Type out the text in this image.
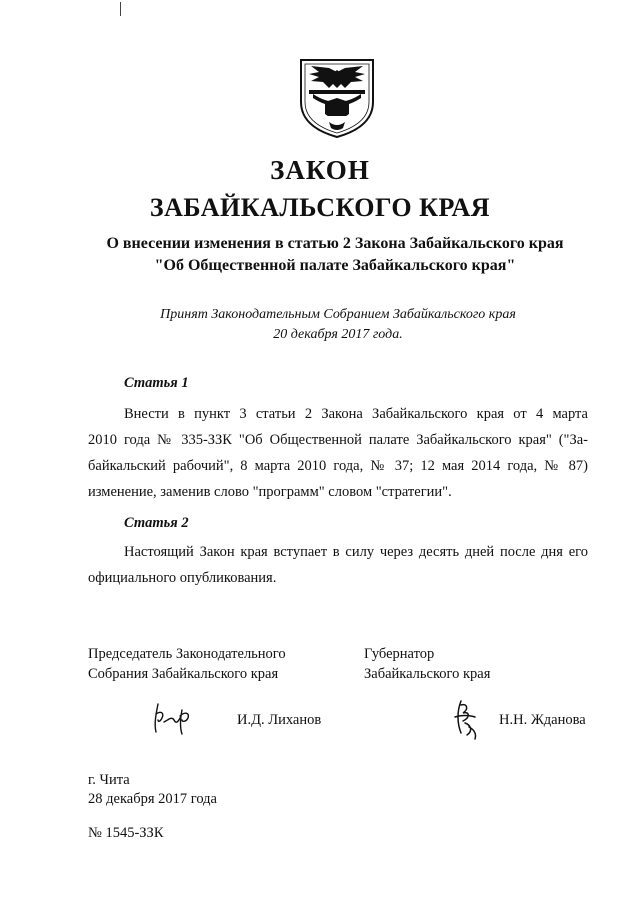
ЗАКОН
ЗАБАЙКАЛЬСКОГО КРАЯ
О внесении изменения в статью 2 Закона Забайкальского края
"Об Общественной палате Забайкальского края"
Принят Законодательным Собранием Забайкальского края
20 декабря 2017 года.
Статья 1
Внести в пункт 3 статьи 2 Закона Забайкальского края от 4 марта
2010 года № 335-ЗЗК "Об Общественной палате Забайкальского края" ("За-
байкальский рабочий", 8 марта 2010 года, № 37; 12 мая 2014 года, № 87)
изменение, заменив слово "программ" словом "стратегии".
Статья 2
Настоящий Закон края вступает в силу через десять дней после дня его
официального опубликования.
Председатель Законодательного
Собрания Забайкальского края
Губернатор
Забайкальского края
И.Д. Лиханов	Н.Н. Жданова
г. Чита
28 декабря 2017 года
№ 1545-ЗЗК
